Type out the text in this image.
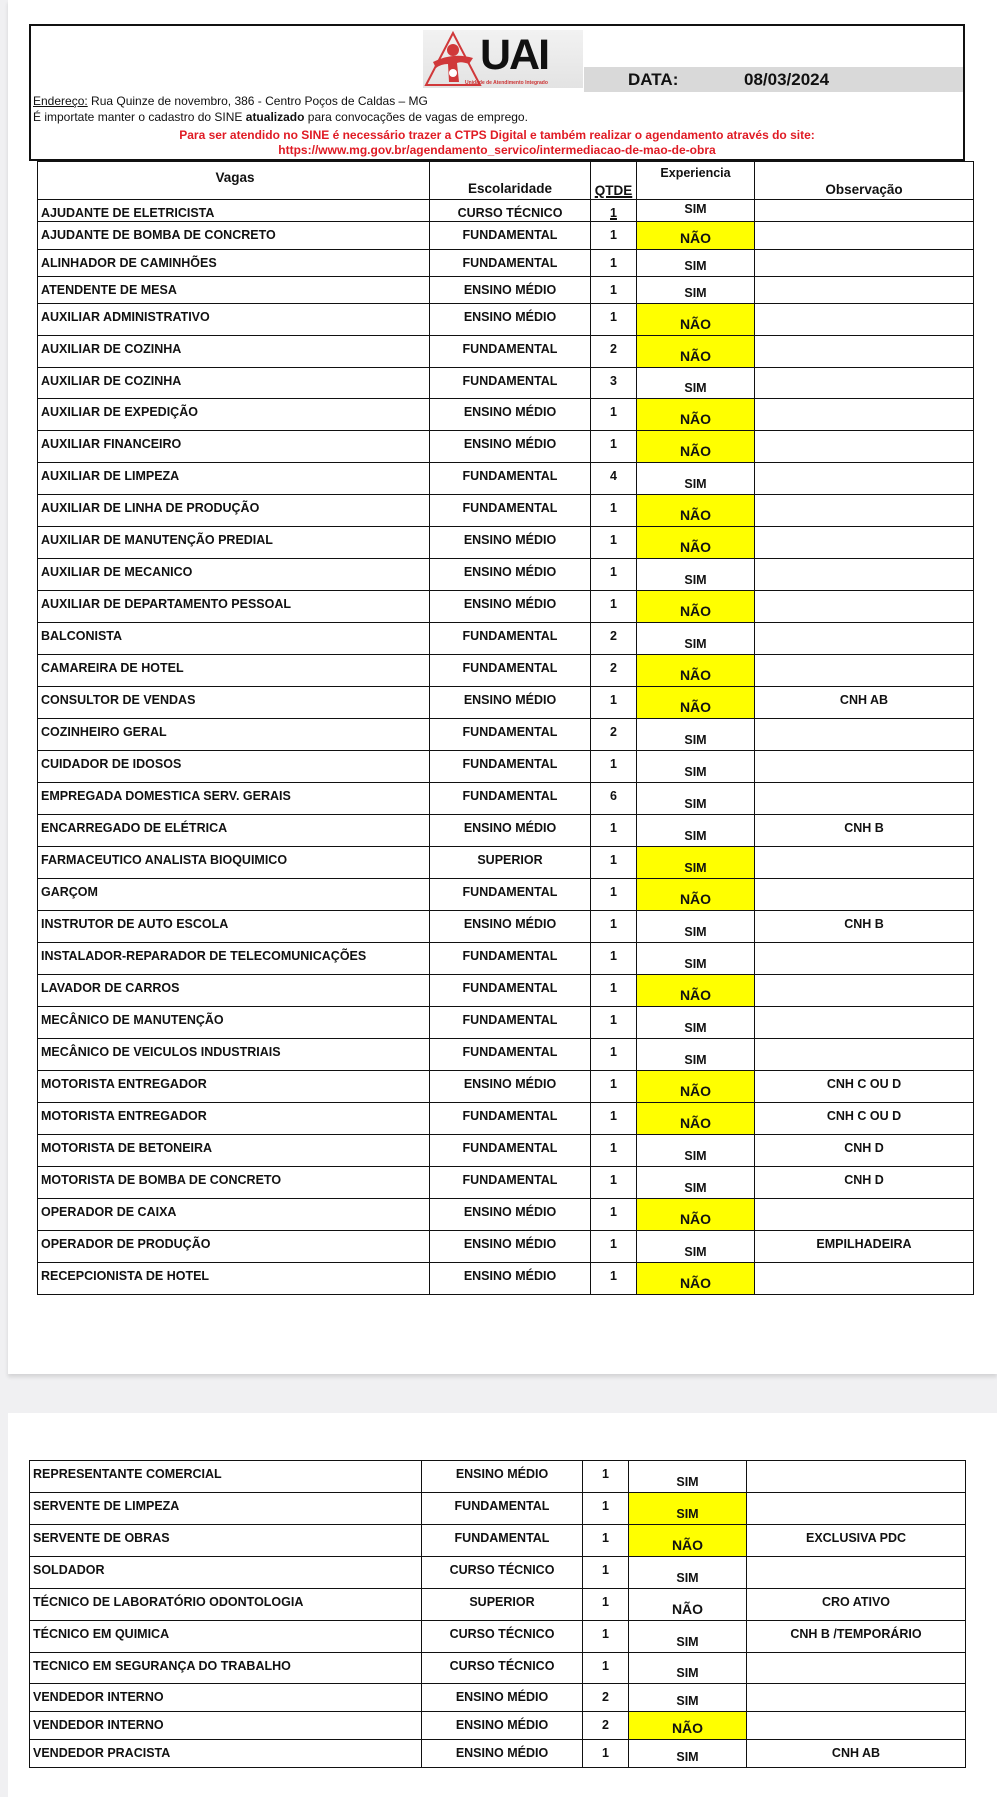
UAI
Unidade de Atendimento Integrado	DATA:	08/03/2024
Endereço: Rua Quinze de novembro, 386 - Centro Poços de Caldas – MG
É importate manter o cadastro do SINE atualizado para convocações de vagas de emprego.
Para ser atendido no SINE é necessário trazer a CTPS Digital e também realizar o agendamento através do site:
https://www.mg.gov.br/agendamento_servico/intermediacao-de-mao-de-obra
Vagas	Escolaridade	QTDE	Experiencia	Observação
AJUDANTE DE ELETRICISTA	CURSO TÉCNICO	1	SIM	
AJUDANTE DE BOMBA DE CONCRETO	FUNDAMENTAL	1	NÃO	
ALINHADOR DE CAMINHÕES	FUNDAMENTAL	1	SIM	
ATENDENTE DE MESA	ENSINO MÉDIO	1	SIM	
AUXILIAR ADMINISTRATIVO	ENSINO MÉDIO	1	NÃO	
AUXILIAR DE COZINHA	FUNDAMENTAL	2	NÃO	
AUXILIAR DE COZINHA	FUNDAMENTAL	3	SIM	
AUXILIAR DE EXPEDIÇÃO	ENSINO MÉDIO	1	NÃO	
AUXILIAR FINANCEIRO	ENSINO MÉDIO	1	NÃO	
AUXILIAR DE LIMPEZA	FUNDAMENTAL	4	SIM	
AUXILIAR DE LINHA DE PRODUÇÃO	FUNDAMENTAL	1	NÃO	
AUXILIAR DE MANUTENÇÃO PREDIAL	ENSINO MÉDIO	1	NÃO	
AUXILIAR DE MECANICO	ENSINO MÉDIO	1	SIM	
AUXILIAR DE DEPARTAMENTO PESSOAL	ENSINO MÉDIO	1	NÃO	
BALCONISTA	FUNDAMENTAL	2	SIM	
CAMAREIRA DE HOTEL	FUNDAMENTAL	2	NÃO	
CONSULTOR DE VENDAS	ENSINO MÉDIO	1	NÃO	CNH AB
COZINHEIRO GERAL	FUNDAMENTAL	2	SIM	
CUIDADOR DE IDOSOS	FUNDAMENTAL	1	SIM	
EMPREGADA DOMESTICA SERV. GERAIS	FUNDAMENTAL	6	SIM	
ENCARREGADO DE ELÉTRICA	ENSINO MÉDIO	1	SIM	CNH B
FARMACEUTICO ANALISTA BIOQUIMICO	SUPERIOR	1	SIM	
GARÇOM	FUNDAMENTAL	1	NÃO	
INSTRUTOR DE AUTO ESCOLA	ENSINO MÉDIO	1	SIM	CNH B
INSTALADOR-REPARADOR DE TELECOMUNICAÇÕES	FUNDAMENTAL	1	SIM	
LAVADOR DE CARROS	FUNDAMENTAL	1	NÃO	
MECÂNICO DE MANUTENÇÃO	FUNDAMENTAL	1	SIM	
MECÂNICO DE VEICULOS INDUSTRIAIS	FUNDAMENTAL	1	SIM	
MOTORISTA ENTREGADOR	ENSINO MÉDIO	1	NÃO	CNH C OU D
MOTORISTA ENTREGADOR	FUNDAMENTAL	1	NÃO	CNH C OU D
MOTORISTA DE BETONEIRA	FUNDAMENTAL	1	SIM	CNH D
MOTORISTA DE BOMBA DE CONCRETO	FUNDAMENTAL	1	SIM	CNH D
OPERADOR DE CAIXA	ENSINO MÉDIO	1	NÃO	
OPERADOR DE PRODUÇÃO	ENSINO MÉDIO	1	SIM	EMPILHADEIRA
RECEPCIONISTA DE HOTEL	ENSINO MÉDIO	1	NÃO	
REPRESENTANTE COMERCIAL	ENSINO MÉDIO	1	SIM	
SERVENTE DE LIMPEZA	FUNDAMENTAL	1	SIM	
SERVENTE DE OBRAS	FUNDAMENTAL	1	NÃO	EXCLUSIVA PDC
SOLDADOR	CURSO TÉCNICO	1	SIM	
TÉCNICO DE LABORATÓRIO ODONTOLOGIA	SUPERIOR	1	NÃO	CRO ATIVO
TÉCNICO EM QUIMICA	CURSO TÉCNICO	1	SIM	CNH B /TEMPORÁRIO
TECNICO EM SEGURANÇA DO TRABALHO	CURSO TÉCNICO	1	SIM	
VENDEDOR INTERNO	ENSINO MÉDIO	2	SIM	
VENDEDOR INTERNO	ENSINO MÉDIO	2	NÃO	
VENDEDOR PRACISTA	ENSINO MÉDIO	1	SIM	CNH AB
